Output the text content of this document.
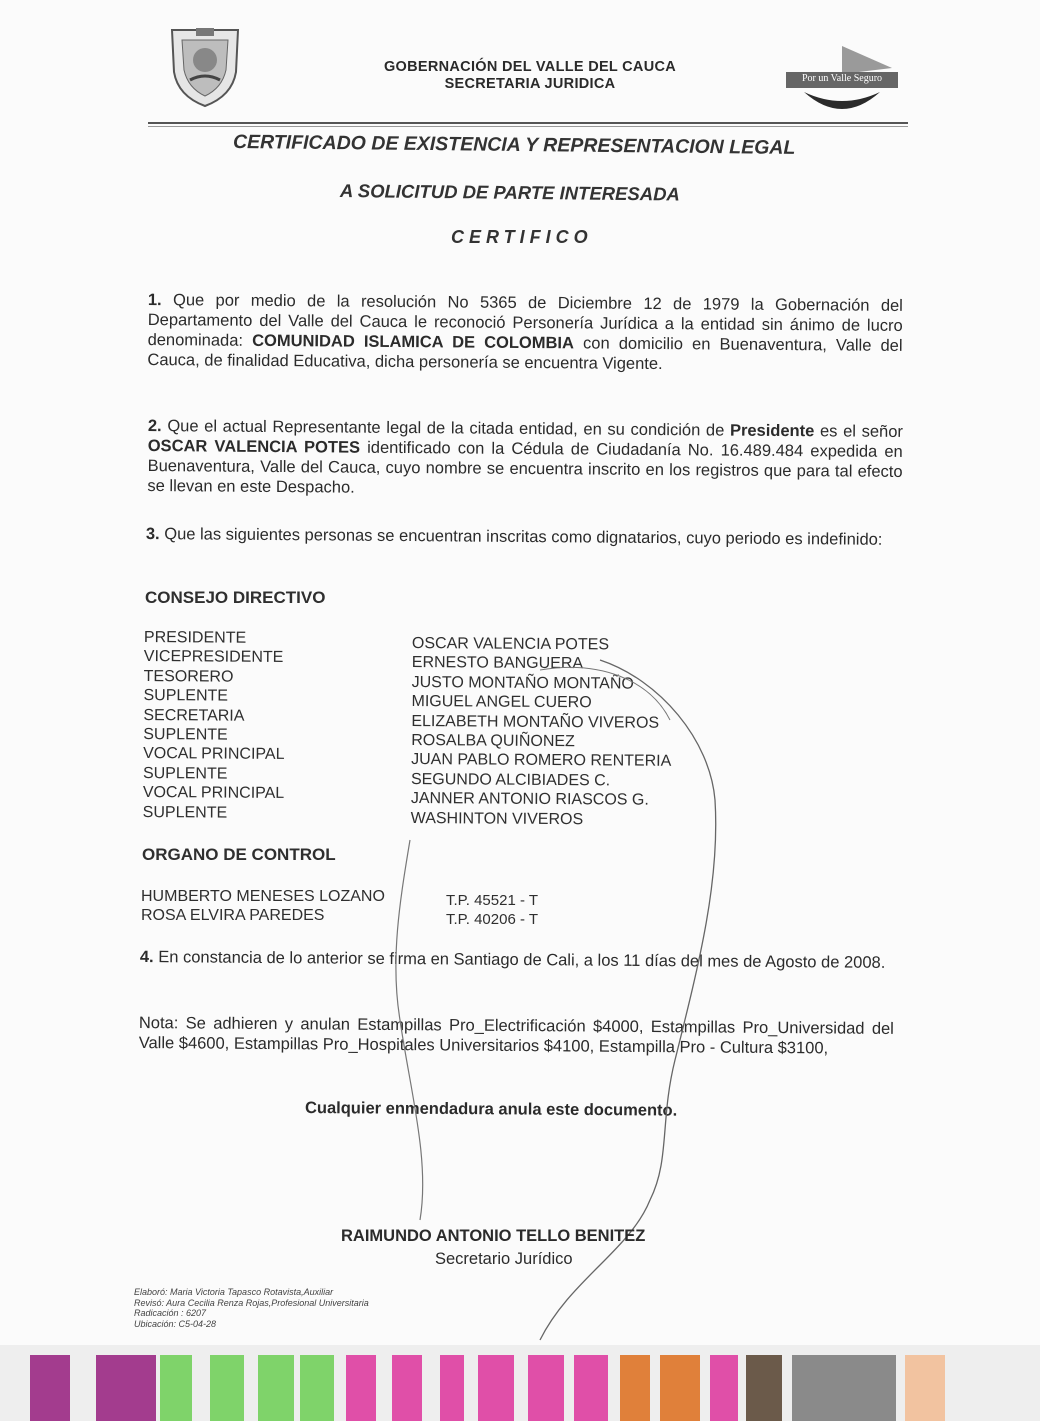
GOBERNACIÓN DEL VALLE DEL CAUCA
SECRETARIA JURIDICA	Por un Valle Seguro
CERTIFICADO DE EXISTENCIA Y REPRESENTACION LEGAL
A SOLICITUD DE PARTE INTERESADA
CERTIFICO
1. Que por medio de la resolución No 5365 de Diciembre 12 de 1979 la Gobernación del Departamento del Valle del Cauca le reconoció Personería Jurídica a la entidad sin ánimo de lucro denominada: COMUNIDAD ISLAMICA DE COLOMBIA con domicilio en Buenaventura, Valle del Cauca, de finalidad Educativa, dicha personería se encuentra Vigente.
2. Que el actual Representante legal de la citada entidad, en su condición de Presidente es el señor OSCAR VALENCIA POTES identificado con la Cédula de Ciudadanía No. 16.489.484 expedida en Buenaventura, Valle del Cauca, cuyo nombre se encuentra inscrito en los registros que para tal efecto se llevan en este Despacho.
3. Que las siguientes personas se encuentran inscritas como dignatarios, cuyo periodo es indefinido:
CONSEJO DIRECTIVO
PRESIDENTE
VICEPRESIDENTE
TESORERO
SUPLENTE
SECRETARIA
SUPLENTE
VOCAL PRINCIPAL
SUPLENTE
VOCAL PRINCIPAL
SUPLENTE
OSCAR VALENCIA POTES
ERNESTO BANGUERA
JUSTO MONTAÑO MONTAÑO
MIGUEL ANGEL CUERO
ELIZABETH MONTAÑO VIVEROS
ROSALBA QUIÑONEZ
JUAN PABLO ROMERO RENTERIA
SEGUNDO ALCIBIADES C.
JANNER ANTONIO RIASCOS G.
WASHINTON VIVEROS
ORGANO DE CONTROL
HUMBERTO MENESES LOZANO
ROSA ELVIRA PAREDES
T.P. 45521 - T
T.P. 40206 - T
4. En constancia de lo anterior se firma en Santiago de Cali, a los 11 días del mes de Agosto de 2008.
Nota: Se adhieren y anulan Estampillas Pro_Electrificación $4000, Estampillas Pro_Universidad del Valle $4600, Estampillas Pro_Hospitales Universitarios $4100, Estampilla Pro - Cultura $3100,
Cualquier enmendadura anula este documento.
RAIMUNDO ANTONIO TELLO BENITEZ
Secretario Jurídico
Elaboró: Maria Victoria Tapasco Rotavista,Auxiliar
Revisó: Aura Cecilia Renza Rojas,Profesional Universitaria
Radicación : 6207
Ubicación: C5-04-28
